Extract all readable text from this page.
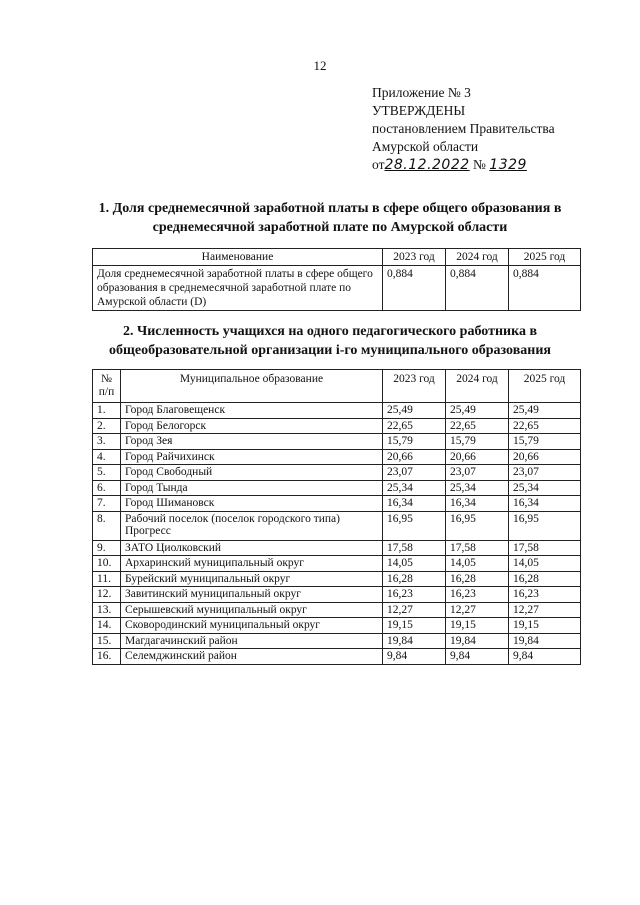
12
Приложение № 3
УТВЕРЖДЕНЫ
постановлением Правительства
Амурской области
от28.12.2022 № 1329
1. Доля среднемесячной заработной платы в сфере общего образования в среднемесячной заработной плате по Амурской области
Наименование	2023 год	2024 год	2025 год
Доля среднемесячной заработной платы в сфере общего образования в среднемесячной заработной плате по Амурской области (D)	0,884	0,884	0,884
2. Численность учащихся на одного педагогического работника в общеобразовательной организации i-го муниципального образования
№ п/п	Муниципальное образование	2023 год	2024 год	2025 год
1.	Город Благовещенск	25,49	25,49	25,49
2.	Город Белогорск	22,65	22,65	22,65
3.	Город Зея	15,79	15,79	15,79
4.	Город Райчихинск	20,66	20,66	20,66
5.	Город Свободный	23,07	23,07	23,07
6.	Город Тында	25,34	25,34	25,34
7.	Город Шимановск	16,34	16,34	16,34
8.	Рабочий поселок (поселок городского типа) Прогресс	16,95	16,95	16,95
9.	ЗАТО Циолковский	17,58	17,58	17,58
10.	Архаринский муниципальный округ	14,05	14,05	14,05
11.	Бурейский муниципальный округ	16,28	16,28	16,28
12.	Завитинский муниципальный округ	16,23	16,23	16,23
13.	Серышевский муниципальный округ	12,27	12,27	12,27
14.	Сковородинский муниципальный округ	19,15	19,15	19,15
15.	Магдагачинский район	19,84	19,84	19,84
16.	Селемджинский район	9,84	9,84	9,84
